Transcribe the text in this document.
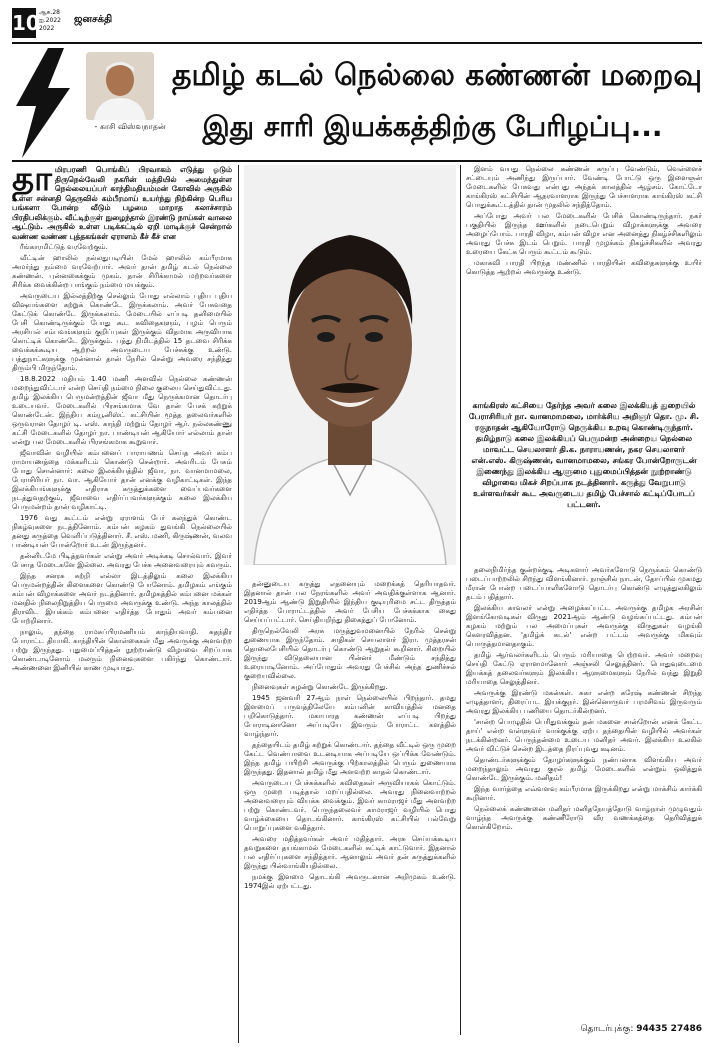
10 ஆக.28
ஐ.2022
2022
ஜனசக்தி
- காசி விஸ்வநாதன்
தமிழ் கடல் நெல்லை கண்ணன் மறைவு
இது சாரி இயக்கத்திற்கு பேரிழப்பு...

தாமிரபரணி பொங்கிப் பிரவாகம் எடுத்து ஓடும் திருநெல்வேலி நகரின் மத்தியில் அமைந்துள்ள நெல்லையப்பர் காந்திமதியம்மன் கோவில் அருகில் உள்ள சன்னதி தெருவில் கம்பீரமாய் உயர்ந்து நிற்கின்ற பெரிய பங்களா போன்ற வீடும் பழமை மாறாத கலாச்சாரம் பிரதிபலிக்கும். வீட்டிற்குள் நுழைந்தால் இரண்டு நாய்கள் வாலை ஆட்டும். அருகில் உள்ள படிக்கட்டில் ஏறி மாடிக்குச் சென்றால் வண்ண வண்ண புத்தகங்கள் ஏராளம் கீச் கீச் என

ரீங்காரமிட்டுத் வரவேற்கும்.

வீட்டின் ஹாலில் நல்லதுபடியின் மேல் ஹாலில் கம்பீரமாக அமர்ந்து நம்மை வரவேற்பார். அவர் தான் தமிழ் கடல் நெல்லை கண்ணன். புன்னகைக்கும் முகம். தான் சிரிக்காமல் மற்றவர்களை சிரிக்க வைக்கின்ற பாங்கும் நம்மை மயக்கும்.

அவருடைய இல்லத்திற்கு செல்லும் போது எல்லாம் புதிய புதிய விஷயங்களை கற்றுக் கொண்டே இருக்கலாம். அவர் பேசுவதை கேட்டுக் கொண்டே இருக்கலாம். மேடையில் எப்படி தனிமையில் பேசி கொண்டிருக்கும் போது கூட கவிதைகளும், பழம் பெரும் அரசியல் சம்பவங்களும் குறிப்புகள் இருக்கும் விதமாக அருவியாக கொட்டிக் கொண்டே இருக்கும். பத்து நிமிடத்தில் 15 தடவை சிரிக்க வைக்கக்கூடிய ஆற்றல் அவருடைய பேச்சுக்கு உண்டு. பத்துநாட்களுக்கு முன்னால் தான் நேரில் சென்று அவரை சந்தித்து திரும்பி மிருந்தோம்.

18.8.2022 மதியம் 1.40 மணி அளவில் நெல்லை கண்ணன் மறைந்துவிட்டார் என்ற செய்தி நம்மை நிலை குலைய செய்துவிட்டது. தமிழ் இலக்கிய பெருமன்றத்தின் ஜீவா மீது நெருக்கமான தொடர்பு உடையவர். மேடைகளில் பிரசங்கமாக வே தான் பேசக் கற்றுக் கொண்டேன். இந்திய கம்யூனிஸ்ட் கட்சியின் மூத்த தலைவர்களில் ஒருவரான தோழர் டி. எஸ். காந்தி மற்றும் தோழர் ஆர். நல்லகண்ணு கட்சி மேடைகளில் தோழர் நா. பாண்டியன் ஆகியோர் எல்லாம் தான் என்று பல மேடைகளில் பிரசங்கமாக கூறுவார்.

ஜீவாவின் வழியில் கம்பனைப் பாராயணம் செய்த அவர் கம்ப ராமாயணத்தை மக்களிடம் கொண்டு சென்றார். அவரிடம் பேசும் போது சொன்னார்: கலை இலக்கியத்தில் ஜீவா, நா. வானமாமலை, பேராசிரியர் நா. வா. ஆகியோர் தான் எனக்கு வழிகாட்டிகள். இந்த இலக்கியங்களுக்கு எதிராக கருத்துக்களை வைப்பவர்களை நடத்துவதற்கும், ஜீவாவை எதிர்ப்பவர்களுக்கும் கலை இலக்கிய பெருமன்றம் தான் வழிகாட்டி.

1976 வது கூட்டம் என்று ஏராளம் பேர் கலந்துக் கொண்ட நிகழ்வுகளை நடத்தினோம். கம்பன் கழகம் துவங்கி நெல்லையில் தனது கருத்தை வெளிப்படுத்தினார். சீ. எஸ். மணி, கிருஷ்ணன், வலவ பாண்டியன் போன்றோர் உடன் இருந்தனர்.

தன்னிடமே பிடித்தவர்கள் என்று அவர் அடிக்கடி சொல்வார். இவர் பேசாத மேடைகளே இல்லை. அவரது பேச்சு அனைவரையும் கவரும்.

இந்த சனரசு சுற்றி எல்லா இடத்திலும் கலை இலக்கிய பெருமன்றத்தின் கிளைகளை கொண்டு போனோம். தமிழகம் எங்கும் கம்பன் விழாக்களை அவர் நடத்தினார். தமிழகத்தில் கம்பனை மக்கள் மனதில் நிலைநிறுத்திய பெருமை அவருக்கு உண்டு. அந்த காலத்தில் திராவிட இயக்கம் கம்பனை எதிர்த்த போதும் அவர் கம்பனை போற்றினார்.

நாலும், தந்தை ராமசுப்பிரமணியம் காந்தியவாதி. சுதந்திர போராட்ட தியாகி. காந்தியின் கொள்கைகள் மீது அவருக்கு அளவற்ற பற்று இருந்தது. புதுமைப்பித்தன் நூற்றாண்டு விழாவை சிறப்பாக கொண்டாடினோம் மலரும் நினைவுகளை பகிர்ந்து கொண்டார். அண்ணனை இனியில் காண முடியாது.

தன்னுடைய கருத்து எதனையும் மறைக்கத் தெரியாதவர். இதனால் தான் பல நேரங்களில் அவர் அவதிக்குள்ளாக ஆனார். 2019ஆம் ஆண்டு இறுதியில் இந்திய குடியுரிமை சட்ட திருத்தம் எதிர்த்த போராட்டத்தில் அவர் பேசிய பேச்சுக்காக கைது செய்யப்பட்டார். செய்தியறிந்து திகைத்துப் போனோம்.

திருநெல்வேலி அரசு மருத்துவமனையில் நேரில் சென்று துணையாக இருந்தோம். சாதிகள் செயலாளர் இரா. முத்தரசன் தொலைபேசியில் தொடர்பு கொண்டு ஆறுதல் கூறினார். சிறையில் இருந்து விடுதலையான பின்னர் மீண்டும் சந்தித்து உரையாடினோம். அப்போதும் அவரது பேச்சில் அந்த துணிச்சல் குறையவில்லை.

நினைவுகள் சுழன்று கொண்டே இருக்கிறது.

1945 ஜனவரி 27ஆம் நாள் நெல்லையில் பிறந்தார். தமது இளமைப் பருவத்திலேயே கம்பனின் காவியத்தில் மனதை பறிகொடுத்தார். மகாபாரத கண்ணன் எப்படி பிறந்து போராடினானோ அப்படியே இவரும் போராட்ட களத்தில் வாழ்ந்தார்.

தந்தையிடம் தமிழ் கற்றுக் கொண்டார். தந்தை வீட்டில் ஒரு முறை கேட்ட வெண்பாவை உடனடியாக அப்படியே ஒப்பிக்க வேண்டும். இந்த தமிழ் பயிற்சி அவருக்கு பிற்காலத்தில் பெரும் துணையாக இருந்தது. இதனால் தமிழ் மீது அளவற்ற காதல் கொண்டார்.

அவருடைய பேச்சுக்களில் கவிதைகள் அருவியாகக் கொட்டும். ஒரு முறை படித்தால் மறப்பதில்லை. அவரது நினைவாற்றல் அனைவரையும் வியக்க வைக்கும். இவர் காமராஜர் மீது அளவற்ற பற்று கொண்டவர். பெருந்தலைவர் காமராஜர் வழியில் பொது வாழ்க்கையை தொடங்கினார். காங்கிரஸ் கட்சியில் பல்வேறு பொறுப்புகளை வகித்தார்.

அவரை மதித்தவர்கள் அவர் மதித்தார். அரசு செய்யக்கூடிய தவறுகளை தயங்காமல் மேடைகளில் சுட்டிக் காட்டுவார். இதனால் பல எதிர்ப்புகளை சந்தித்தார். ஆனாலும் அவர் தன் கருத்துக்களில் இருந்து பின்வாங்கியதில்லை.

நமக்கு இளமை தொடங்கி அவருடனான அறிமுகம் உண்டு. 1974இல் ஏற்பட்டது.

இளம் வயது நெல்லை கண்ணன் கருப்பு வேண்டும், வெள்ளைச் சட்டையும் அணிந்து இருப்பார். வேண்டி போட்டு ஒரு இளைஞன் மேடைகளில் பேசுவது என்பது அந்தக் காலத்தில் ஆழ்சம். கோட்டோ காங்கிரஸ் கட்சியின் ஆதரவாளராக இருந்து பேச்சாளராக காங்கிரஸ் கட்சி பொதுக்கூட்டத்தில் தான் முதலில் சந்தித்தோம்.

அப்போது அவர் பல மேடைகளில் பேசிக் கொண்டிருந்தார். நகர் பகுதியில் இருந்த ஊர்களில் நடைபெறும் விழாக்களுக்கு அவரை அழைப்போம். பாரதி விழா, கம்பன் விழா என அனைத்து நிகழ்ச்சிகளிலும் அவரது பேச்சு இடம் பெறும். பாரதி முழக்கம் நிகழ்ச்சிகளில் அவரது உரையை கேட்க பெரும் கூட்டம் கூடும்.

மகாகவி பாரதி பிறந்த மண்ணில் பாரதியின் கவிதைகளுக்கு உயிர் கொடுத்த ஆற்றல் அவருக்கு உண்டு.

காங்கிரஸ் கட்சியை தேர்ந்த அவர் கலை இலக்கியத் துறையில் பேராசிரியர் நா. வானமாமலை, மார்க்சிய அறிஞர் தொ. மு. சி. ரகுநாதன் ஆகியோரோடு நெருக்கிய உறவு கொண்டிருந்தார். தமிழ்நாடு கலை இலக்கியப் பெருமன்ற அன்றைய நெல்லை மாவட்ட செயலாளர் தி.க. நாராயணன், நகர செயலாளர் என்.எஸ். கிருஷ்ணன், வானமாமலை, சங்கர போன்றோருடன் இணைந்து இலக்கிய ஆளுமை புதுமைப்பித்தன் நூற்றாண்டு விழாவை மிகச் சிறப்பாக நடத்தினார். கருத்து வேறுபாடு உள்ளவர்கள் கூட அவருடைய தமிழ் பேச்சால் கட்டிப்போடப் பட்டனர்.

தலைநிமிர்ந்த குன்றக்குடி அடிகளார் அவர்களோடு நெருக்கம் கொண்டு படைப்பாற்றலில் சிறந்து விளங்கினார். நாஞ்சில் நாடன், தோப்பில் முகமது மீரான் போன்ற படைப்பாளிகளோடு தொடர்பு கொண்டு எழுத்துலகிலும் தடம் பதித்தார்.

இலக்கிய காவலர் என்று அழைக்கப்பட்ட அவருக்கு தமிழக அரசின் இளங்கோவடிகள் விருது 2021ஆம் ஆண்டு வழங்கப்பட்டது. கம்பன் கழகம் மற்றும் பல அமைப்புகள் அவருக்கு விருதுகள் வழங்கி கௌரவித்தன. 'தமிழ்க் கடல்' என்ற பட்டம் அவருக்கு மிகவும் பொருத்தமானதாகும்.

தமிழ் ஆர்வலர்களிடம் பெரும் மரியாதை பெற்றவர். அவர் மறைவு செய்தி கேட்டு ஏராளமானோர் அஞ்சலி செலுத்தினர். பொதுவுடைமை இயக்கத் தலைவர்களும் இலக்கிய ஆளுமைகளும் நேரில் வந்து இறுதி மரியாதை செலுத்தினர்.

அவருக்கு இரண்டு மகன்கள். சுகா என்ற சுரேஷ் கண்ணன் சிறந்த எழுத்தாளர், திரைப்பட இயக்குநர். இன்னொருவர் பரமசிவம் இருவரும் அவரது இலக்கிய பணியை தொடர்கின்றனர்.

'சான்ற பொழுதில் பெரிதுவக்கும் தன் மகனை சான்றோன் எனக் கேட்ட தாய்' என்ற வள்ளுவர் வாக்குக்கு ஏற்ப தந்தையின் வழியில் அவர்கள் நடக்கின்றனர். பெருந்தன்மை உடைய மனிதர் அவர். இலக்கிய உலகில் அவர் விட்டுச் சென்ற இடத்தை நிரப்புவது கடினம்.

தொண்டர்களுக்கும் தோழர்களுக்கும் நண்பனாக விளங்கிய அவர் மறைந்தாலும் அவரது குரல் தமிழ் மேடைகளில் என்றும் ஒலித்துக் கொண்டே இருக்கும். மனிதம்!

இந்த வார்த்தை எவ்வளவு கம்பீரமாக இருக்கிறது என்று மாக்சிம் கார்க்கி கூறினார்.

நெல்லைக் கண்ணனை மனிதர் மனிதநேயத்தோடு வாழ்நாள் முழுவதும் வாழ்ந்த அவருக்கு கண்ணீரோடு வீர வணக்கத்தை தெரிவித்துக் கொள்கிறோம்.

தொடர்புக்கு: 94435 27486
